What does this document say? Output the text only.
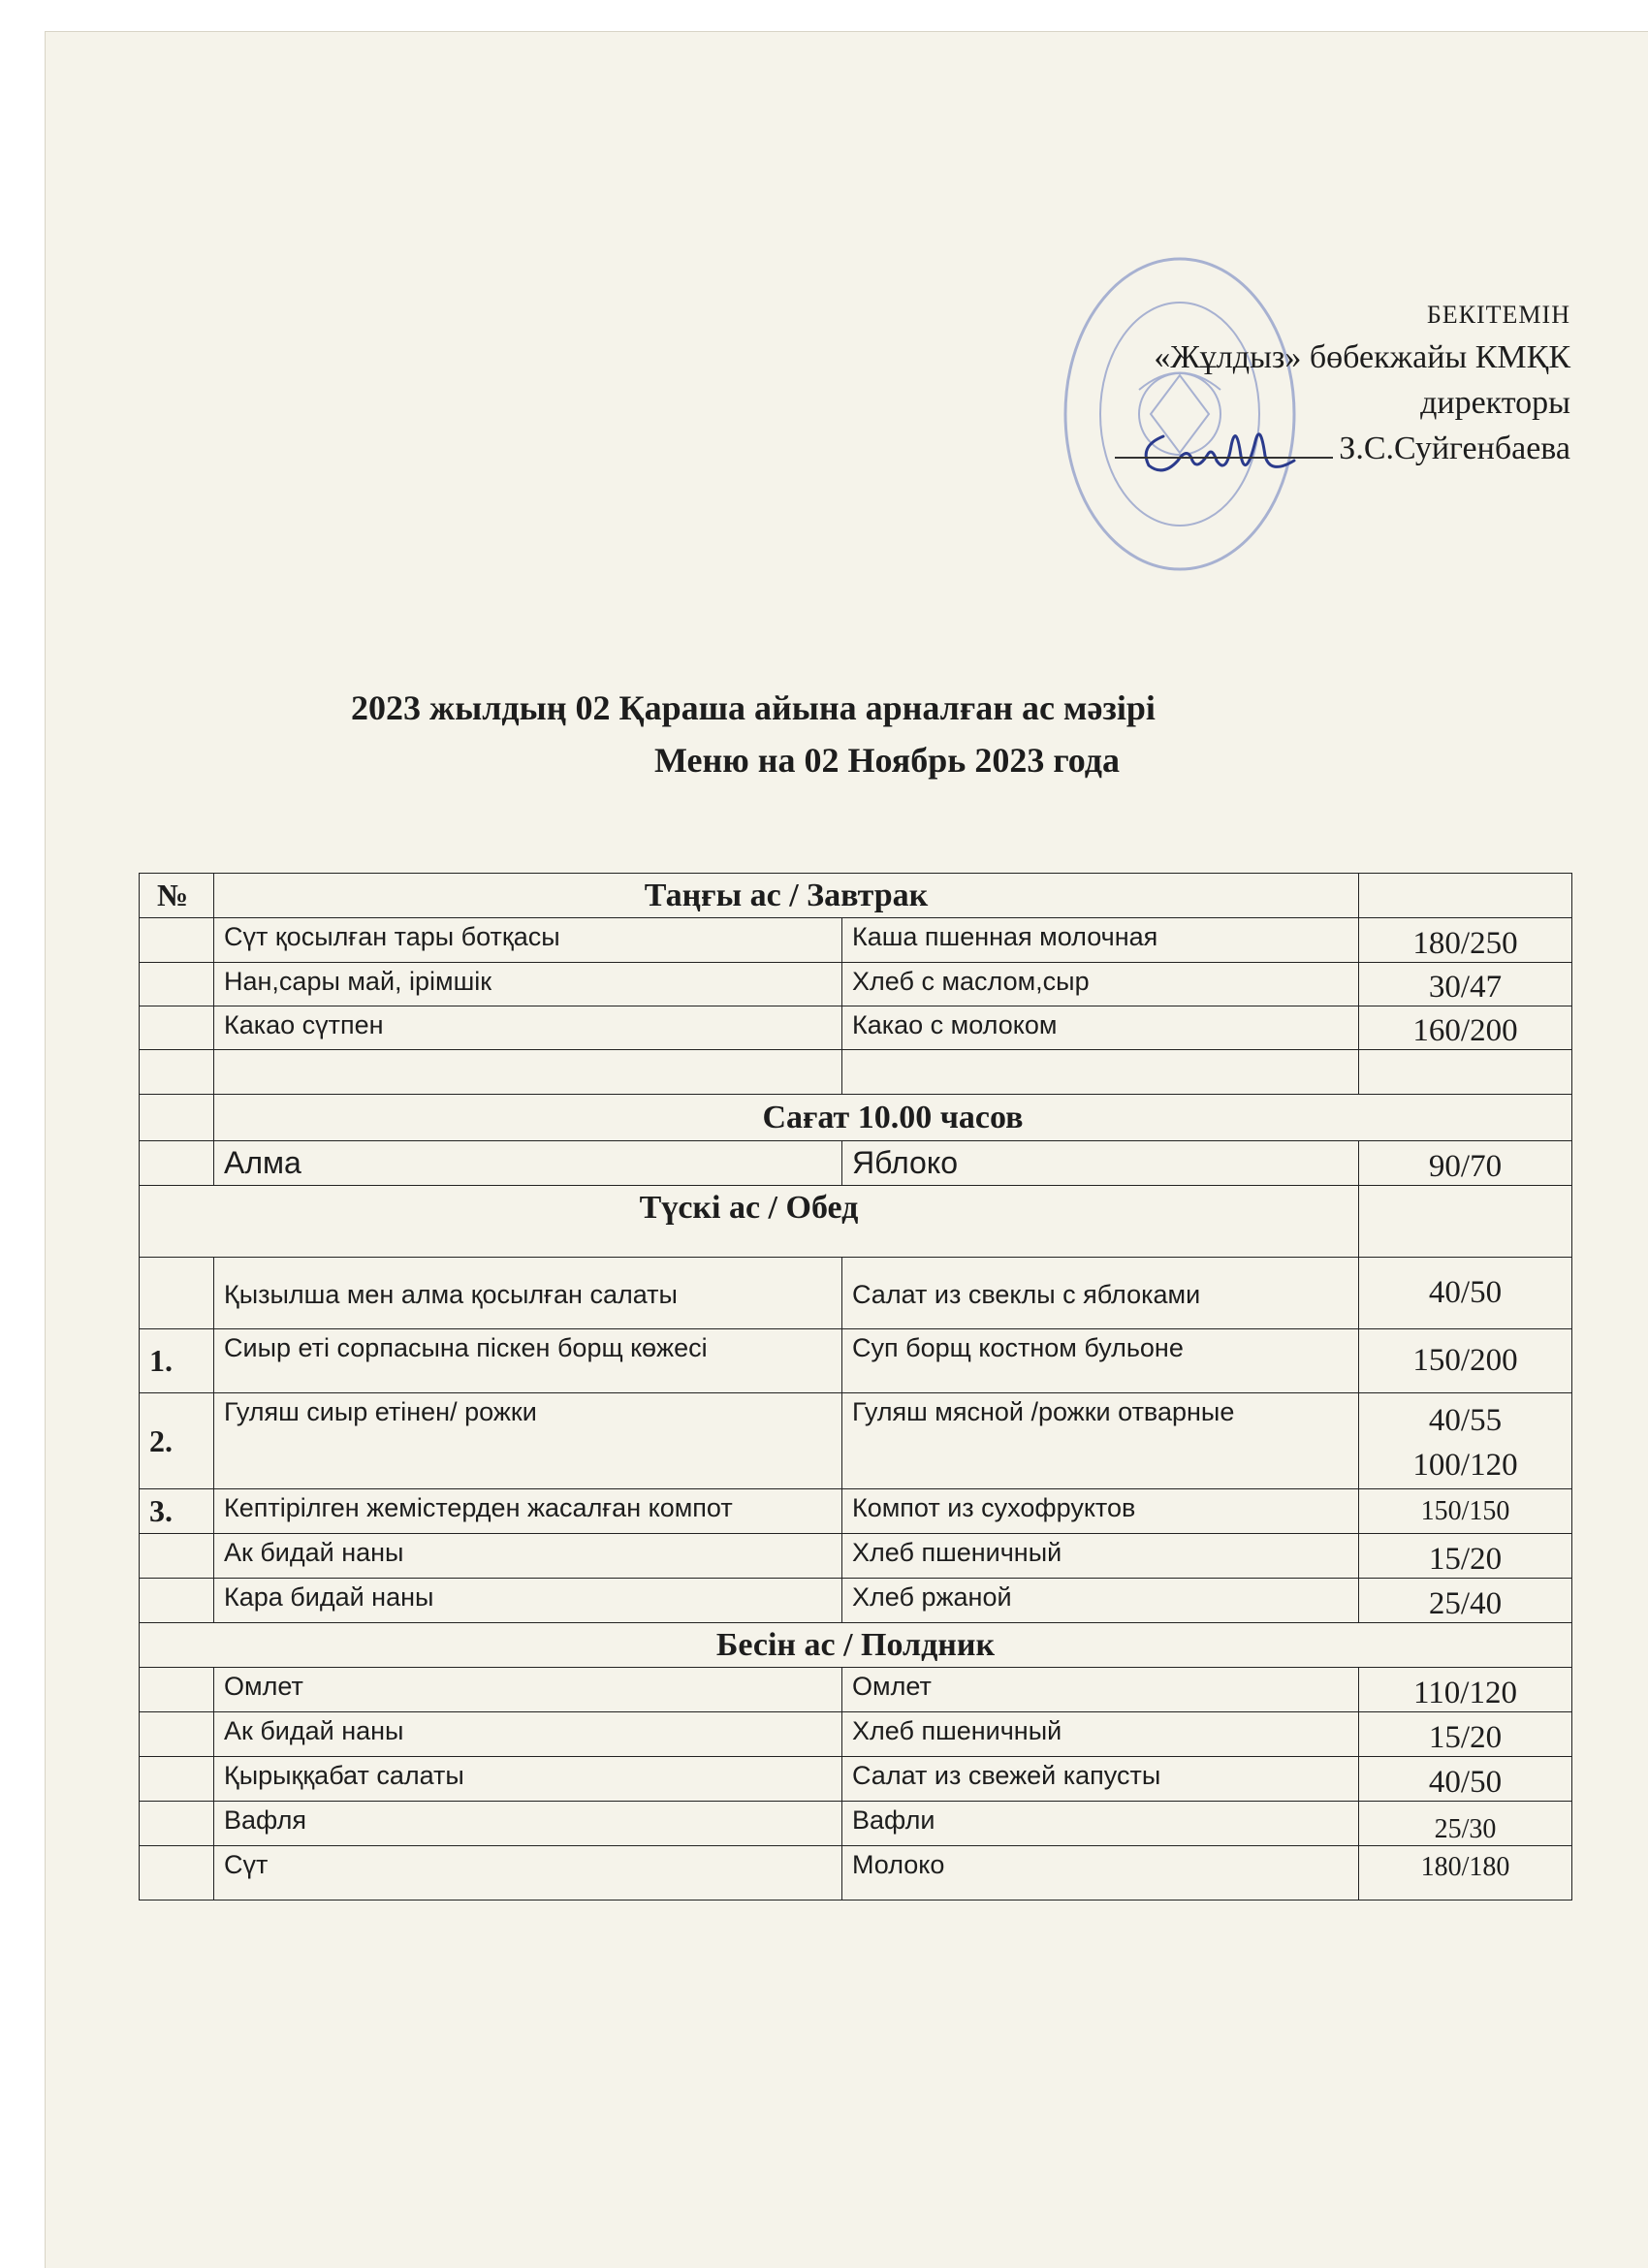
БЕКІТЕМІН
«Жұлдыз» бөбекжайы КМҚК
директоры
З.С.Суйгенбаева
2023 жылдың 02 Қараша айына арналған ас мәзірі
Меню на 02 Ноябрь 2023 года
№	Таңғы ас / Завтрак		
	Сүт қосылған тары ботқасы	Каша пшенная молочная	180/250
	Нан,сары май, ірімшік	Хлеб с маслом,сыр	30/47
	Какао сүтпен	Какао с молоком	160/200

	Сағат 10.00 часов		
	Алма	Яблоко	90/70
Түскі ас / Обед			
	Қызылша мен алма қосылған салаты	Салат из свеклы с яблоками	40/50
1.	Сиыр еті сорпасына піскен борщ көжесі	Суп борщ костном бульоне	150/200
2.	Гуляш сиыр етінен/ рожки	Гуляш мясной /рожки отварные	40/55
100/120

3.	Кептірілген жемістерден жасалған компот	Компот из сухофруктов	150/150
	Ак бидай наны	Хлеб пшеничный	15/20
	Кара бидай наны	Хлеб ржаной	25/40
Бесін ас / Полдник			
	Омлет	Омлет	110/120
	Ак бидай наны	Хлеб пшеничный	15/20
	Қырыққабат салаты	Салат из свежей капусты	40/50
	Вафля	Вафли	25/30
	Сүт	Молоко	180/180
